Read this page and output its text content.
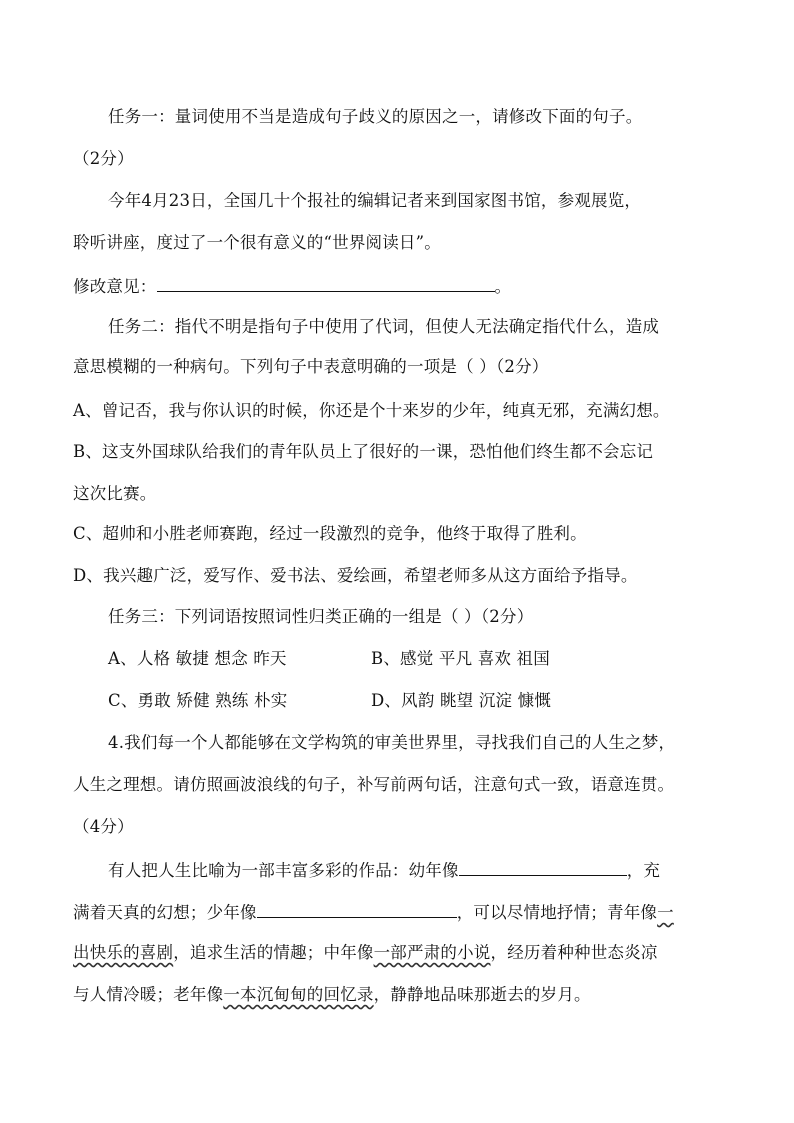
任务一：量词使用不当是造成句子歧义的原因之一，请修改下面的句子。
（2分）
今年4月23日，全国几十个报社的编辑记者来到国家图书馆，参观展览，
聆听讲座，度过了一个很有意义的“世界阅读日”。
修改意见：	。
任务二：指代不明是指句子中使用了代词，但使人无法确定指代什么，造成
意思模糊的一种病句。下列句子中表意明确的一项是（ ）（2分）
A、曾记否，我与你认识的时候，你还是个十来岁的少年，纯真无邪，充满幻想。
B、这支外国球队给我们的青年队员上了很好的一课，恐怕他们终生都不会忘记
这次比赛。
C、超帅和小胜老师赛跑，经过一段激烈的竞争，他终于取得了胜利。
D、我兴趣广泛，爱写作、爱书法、爱绘画，希望老师多从这方面给予指导。
任务三：下列词语按照词性归类正确的一组是（ ）（2分）
A、人格 敏捷 想念 昨天	B、感觉 平凡 喜欢 祖国
C、勇敢 矫健 熟练 朴实	D、风韵 眺望 沉淀 慷慨
4.我们每一个人都能够在文学构筑的审美世界里，寻找我们自己的人生之梦，
人生之理想。请仿照画波浪线的句子，补写前两句话，注意句式一致，语意连贯。
（4分）
有人把人生比喻为一部丰富多彩的作品：幼年像	，充
满着天真的幻想；少年像	，可以尽情地抒情；青年像一
出快乐的喜剧，追求生活的情趣；中年像一部严肃的小说，经历着种种世态炎凉
与人情冷暖；老年像一本沉甸甸的回忆录，静静地品味那逝去的岁月。
